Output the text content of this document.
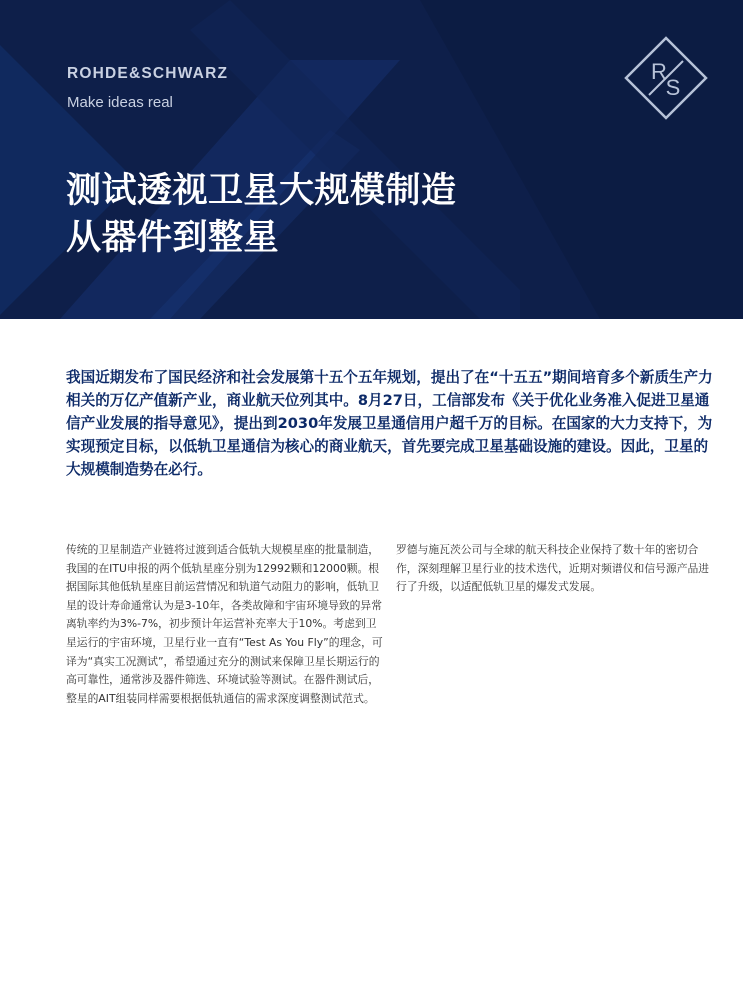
ROHDE&SCHWARZ
Make ideas real
R
S
测试透视卫星大规模制造
从器件到整星

我国近期发布了国民经济和社会发展第十五个五年规划，提出了在“十五五”期间培育多个新质生产力相关的万亿产值新产业，商业航天位列其中。8月27日，工信部发布《关于优化业务准入促进卫星通信产业发展的指导意见》，提出到2030年发展卫星通信用户超千万的目标。在国家的大力支持下，为实现预定目标，以低轨卫星通信为核心的商业航天，首先要完成卫星基础设施的建设。因此，卫星的大规模制造势在必行。

传统的卫星制造产业链将过渡到适合低轨大规模星座的批量制造，我国的在ITU申报的两个低轨星座分别为12992颗和12000颗。根据国际其他低轨星座目前运营情况和轨道气动阻力的影响，低轨卫星的设计寿命通常认为是3-10年，各类故障和宇宙环境导致的异常离轨率约为3%-7%，初步预计年运营补充率大于10%。考虑到卫星运行的宇宙环境，卫星行业一直有“Test As You Fly”的理念，可译为“真实工况测试”，希望通过充分的测试来保障卫星长期运行的高可靠性，通常涉及器件筛选、环境试验等测试。在器件测试后，整星的AIT组装同样需要根据低轨通信的需求深度调整测试范式。

罗德与施瓦茨公司与全球的航天科技企业保持了数十年的密切合作，深刻理解卫星行业的技术迭代，近期对频谱仪和信号源产品进行了升级，以适配低轨卫星的爆发式发展。
